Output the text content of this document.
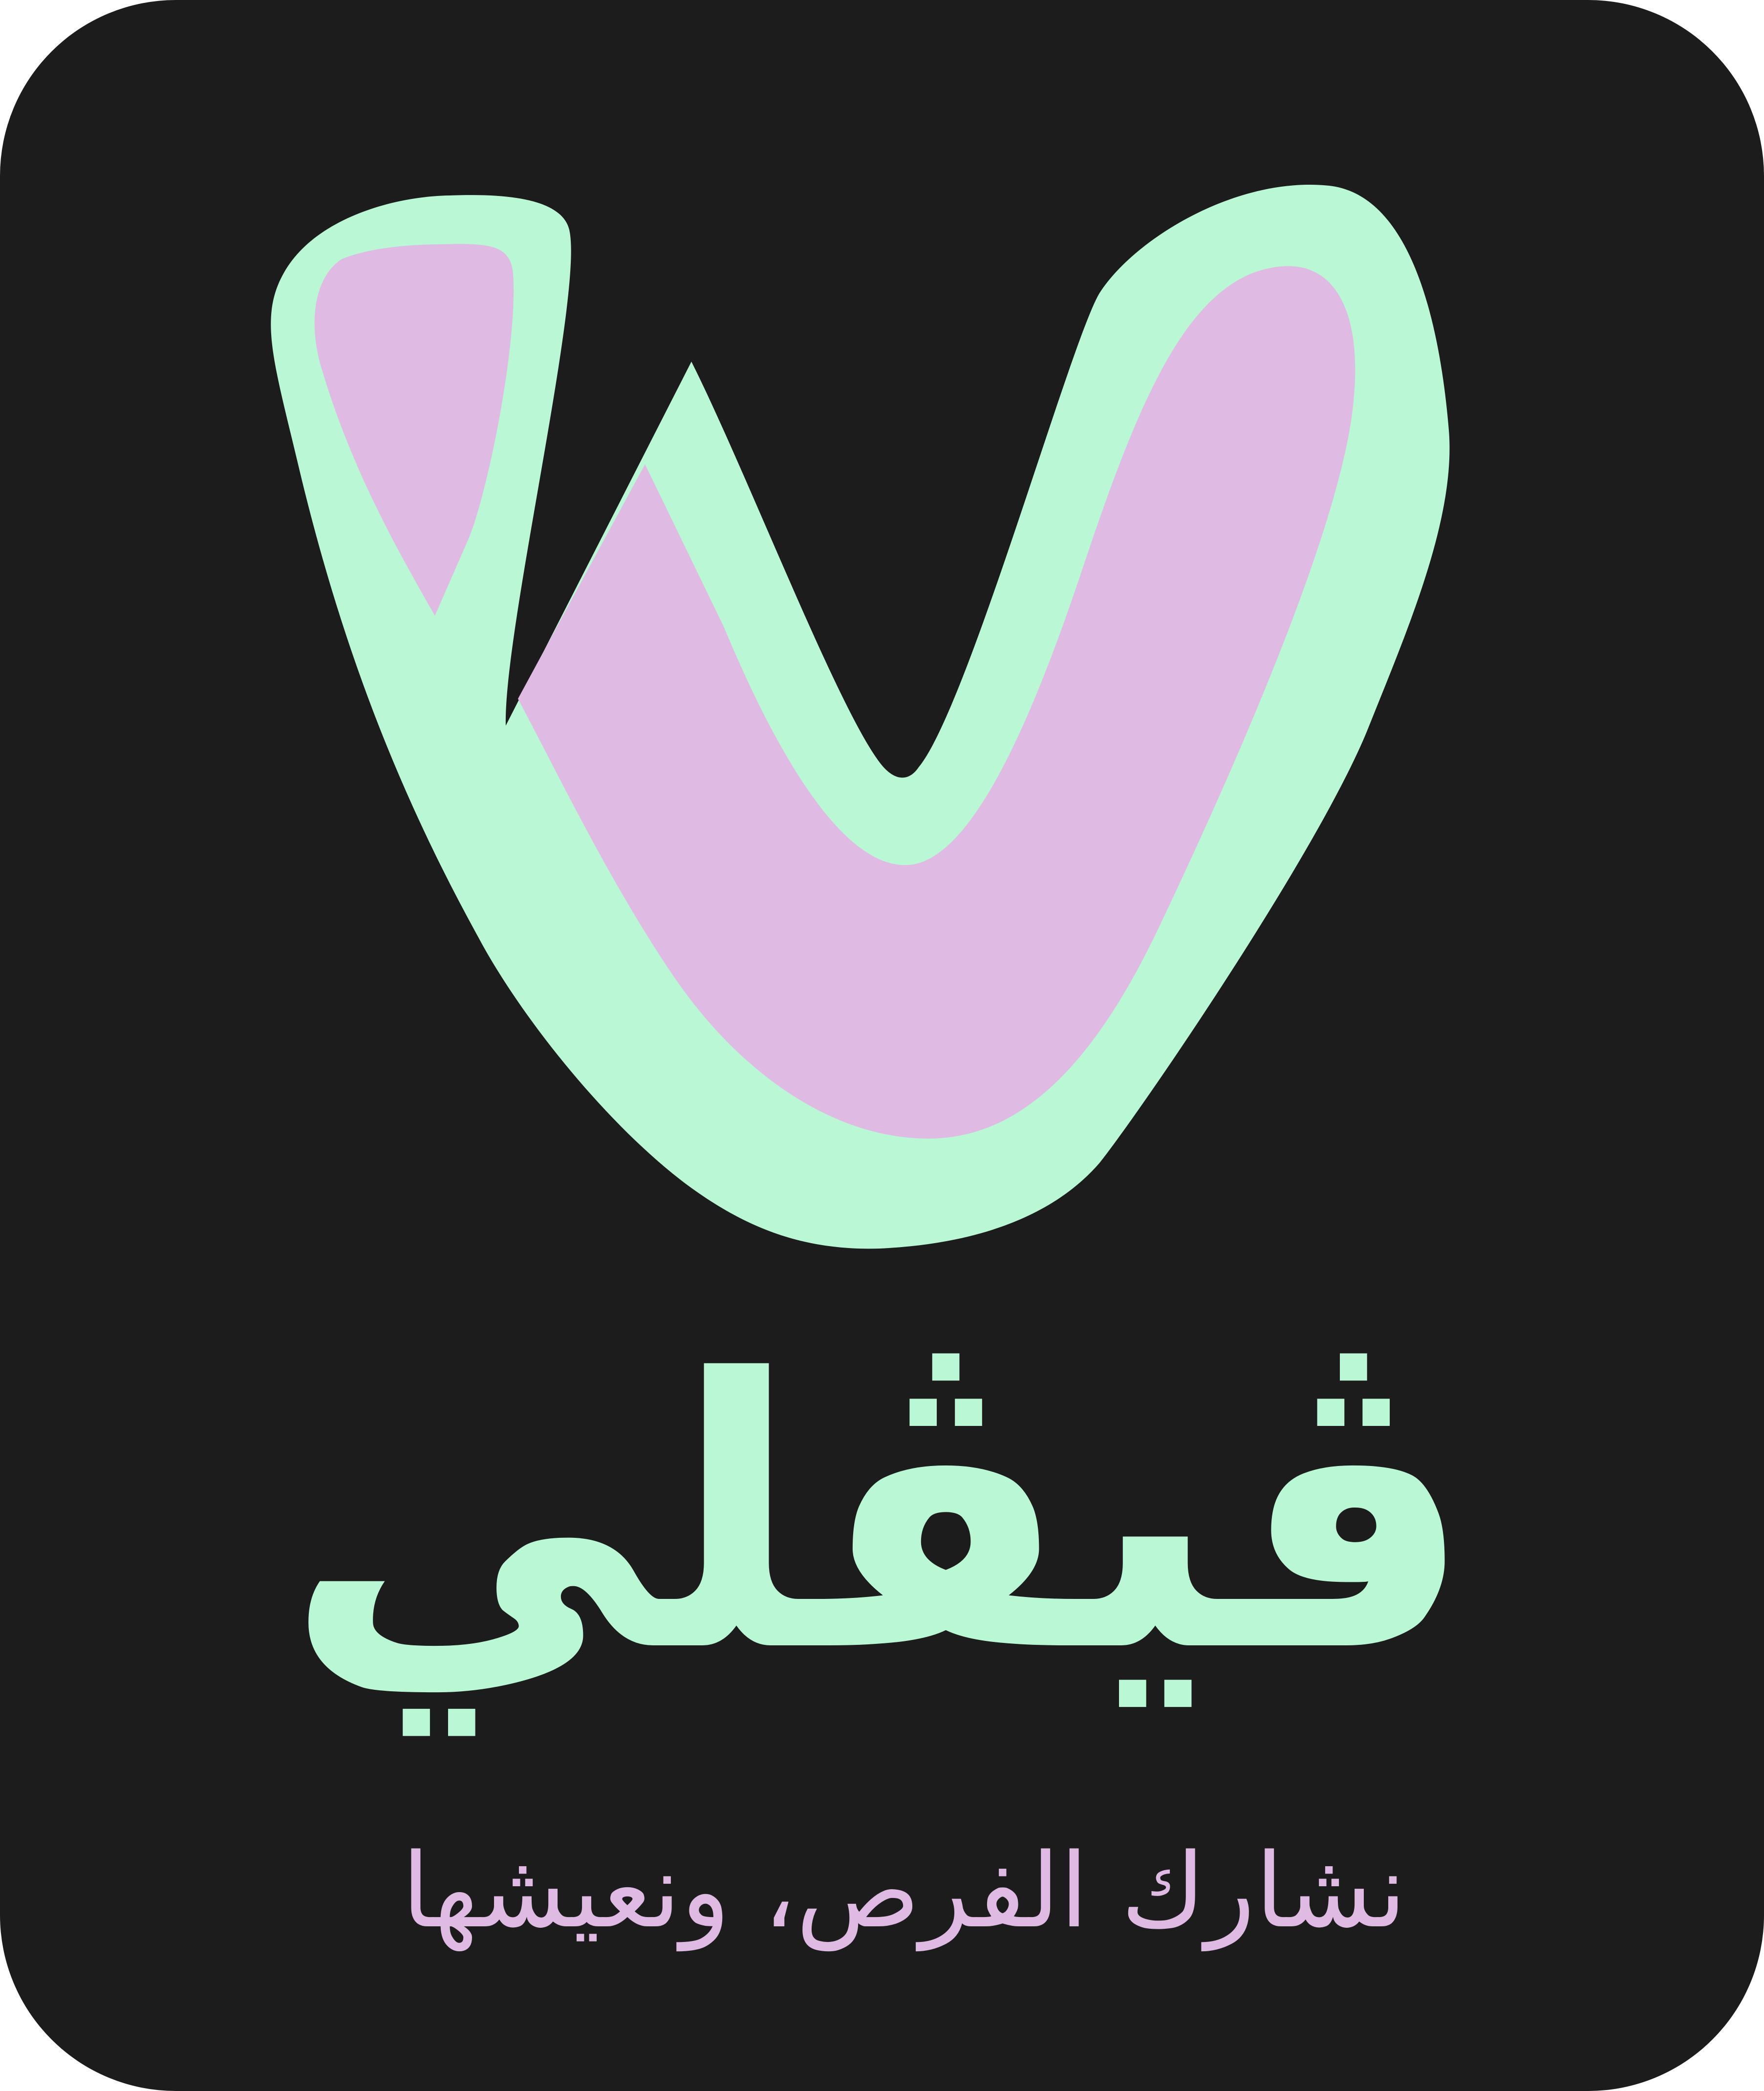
ڤيڤلي
نشارك الفرص، ونعيشها
